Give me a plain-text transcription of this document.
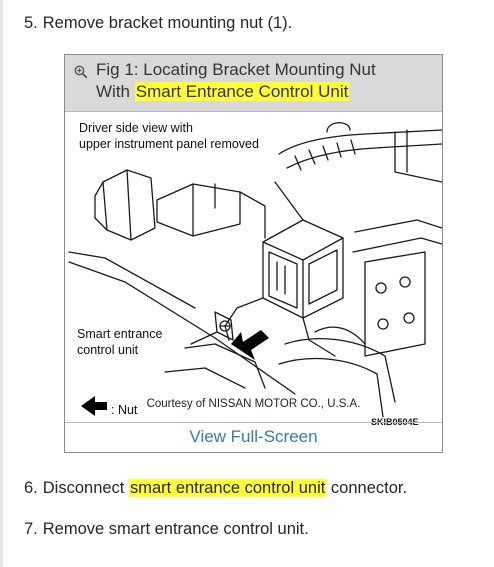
5. Remove bracket mounting nut (1).
Fig 1: Locating Bracket Mounting Nut
With Smart Entrance Control Unit
Driver side view with
upper instrument panel removed
Smart entrance
control unit
: Nut
SKIB0504E
Courtesy of NISSAN MOTOR CO., U.S.A.
View Full-Screen
6. Disconnect smart entrance control unit connector.
7. Remove smart entrance control unit.
